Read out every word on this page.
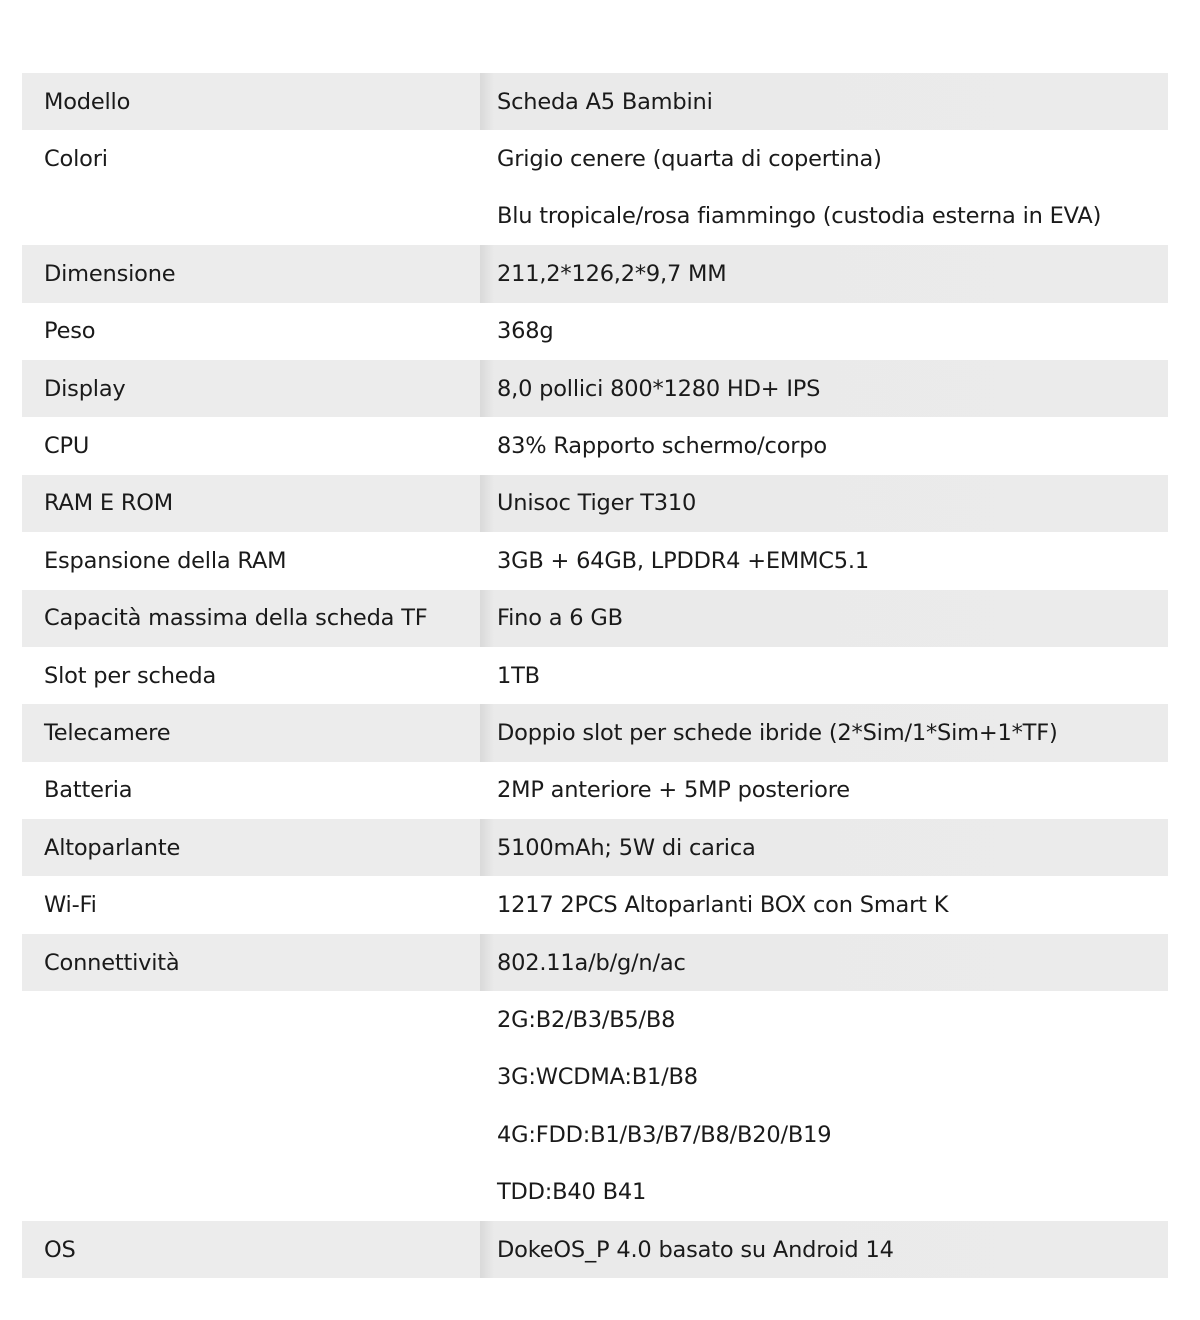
Modello	Scheda A5 Bambini
Colori	Grigio cenere (quarta di copertina)
Blu tropicale/rosa fiammingo (custodia esterna in EVA)
Dimensione	211,2*126,2*9,7 MM
Peso	368g
Display	8,0 pollici 800*1280 HD+ IPS
CPU	83% Rapporto schermo/corpo
RAM E ROM	Unisoc Tiger T310
Espansione della RAM	3GB + 64GB, LPDDR4 +EMMC5.1
Capacità massima della scheda TF	Fino a 6 GB
Slot per scheda	1TB
Telecamere	Doppio slot per schede ibride (2*Sim/1*Sim+1*TF)
Batteria	2MP anteriore + 5MP posteriore
Altoparlante	5100mAh; 5W di carica
Wi-Fi	1217 2PCS Altoparlanti BOX con Smart K
Connettività	802.11a/b/g/n/ac
2G:B2/B3/B5/B8
3G:WCDMA:B1/B8
4G:FDD:B1/B3/B7/B8/B20/B19
TDD:B40 B41
OS	DokeOS_P 4.0 basato su Android 14
